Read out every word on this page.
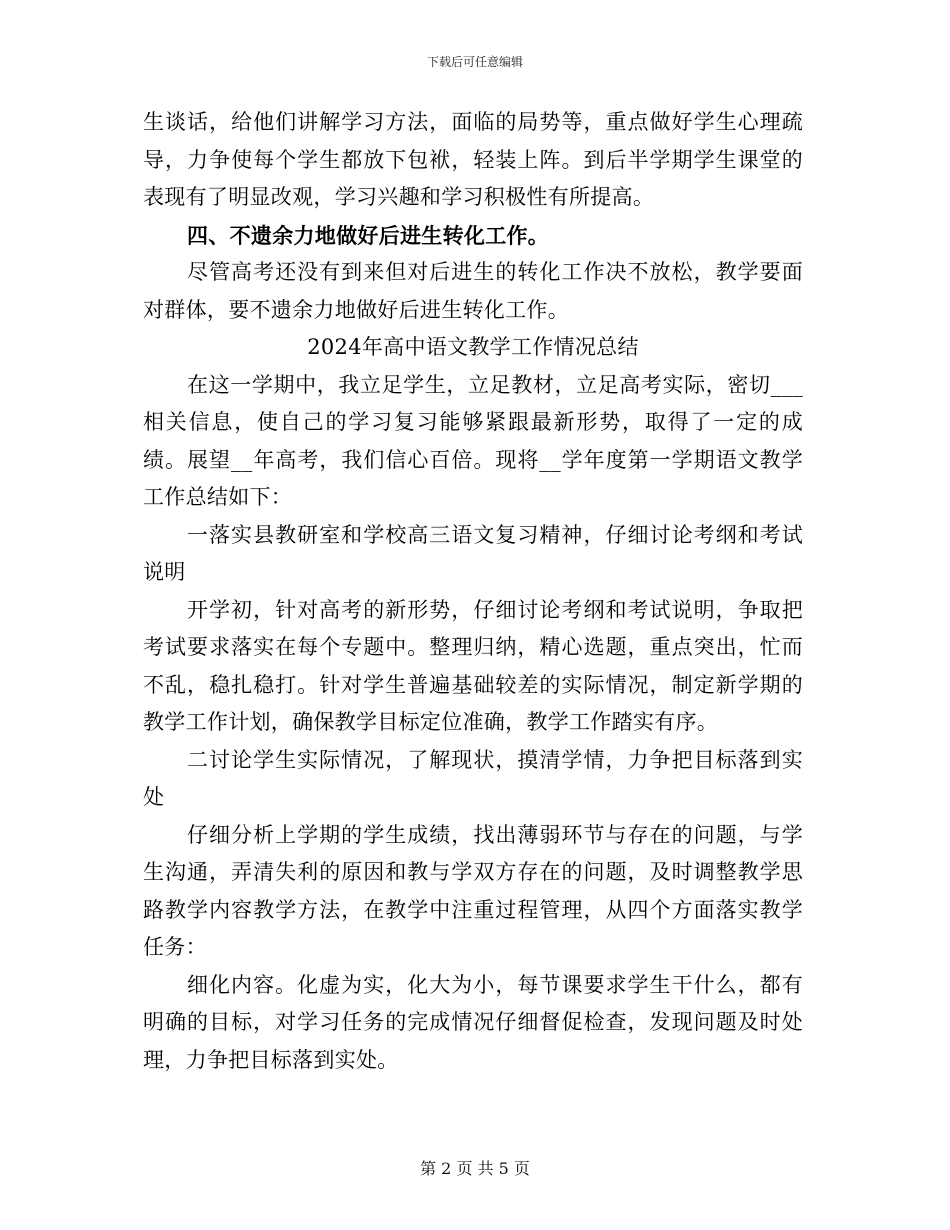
下载后可任意编辑

生谈话，给他们讲解学习方法，面临的局势等，重点做好学生心理疏导，力争使每个学生都放下包袱，轻装上阵。到后半学期学生课堂的表现有了明显改观，学习兴趣和学习积极性有所提高。

四、不遗余力地做好后进生转化工作。

尽管高考还没有到来但对后进生的转化工作决不放松，教学要面对群体，要不遗余力地做好后进生转化工作。

2024年高中语文教学工作情况总结

在这一学期中，我立足学生，立足教材，立足高考实际，密切___相关信息，使自己的学习复习能够紧跟最新形势，取得了一定的成绩。展望__年高考，我们信心百倍。现将__学年度第一学期语文教学工作总结如下：

一落实县教研室和学校高三语文复习精神，仔细讨论考纲和考试说明

开学初，针对高考的新形势，仔细讨论考纲和考试说明，争取把考试要求落实在每个专题中。整理归纳，精心选题，重点突出，忙而不乱，稳扎稳打。针对学生普遍基础较差的实际情况，制定新学期的教学工作计划，确保教学目标定位准确，教学工作踏实有序。

二讨论学生实际情况，了解现状，摸清学情，力争把目标落到实处

仔细分析上学期的学生成绩，找出薄弱环节与存在的问题，与学生沟通，弄清失利的原因和教与学双方存在的问题，及时调整教学思路教学内容教学方法，在教学中注重过程管理，从四个方面落实教学任务：

细化内容。化虚为实，化大为小，每节课要求学生干什么，都有明确的目标，对学习任务的完成情况仔细督促检查，发现问题及时处理，力争把目标落到实处。

第 2 页 共 5 页
